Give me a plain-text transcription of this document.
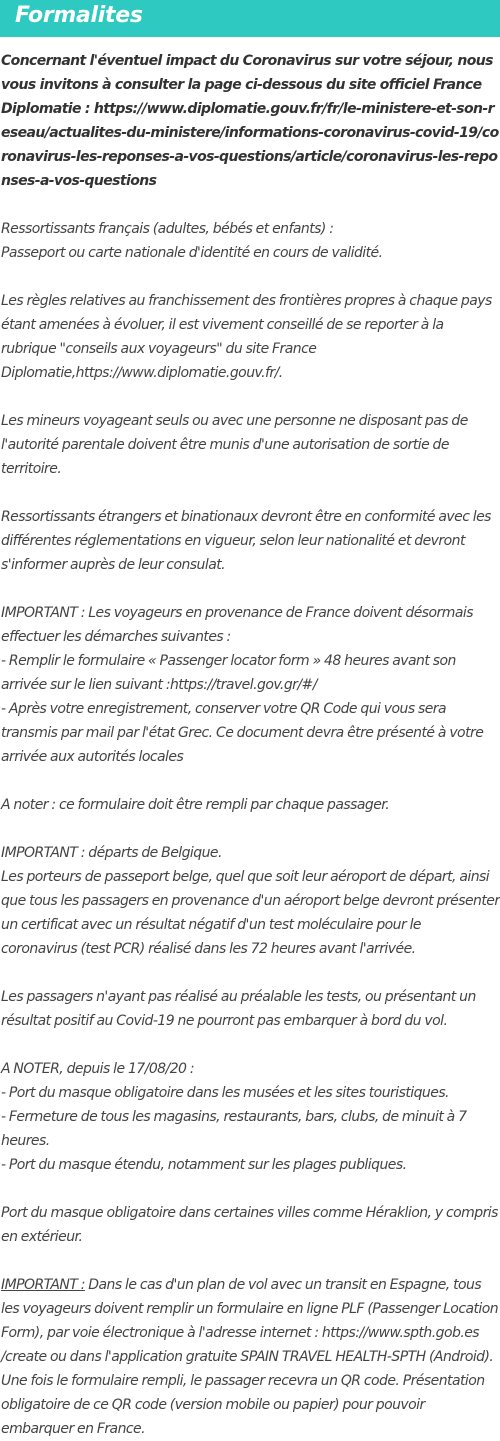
Formalites

Concernant l'éventuel impact du Coronavirus sur votre séjour, nous vous invitons à consulter la page ci-dessous du site officiel France Diplomatie : https://www.diplomatie.gouv.fr/fr/le-ministere-et-son-reseau/actualites-du-ministere/informations-coronavirus-covid-19/coronavirus-les-reponses-a-vos-questions/article/coronavirus-les-reponses-a-vos-questions

Ressortissants français (adultes, bébés et enfants) :
Passeport ou carte nationale d'identité en cours de validité.

Les règles relatives au franchissement des frontières propres à chaque pays étant amenées à évoluer, il est vivement conseillé de se reporter à la rubrique "conseils aux voyageurs" du site France Diplomatie,https://www.diplomatie.gouv.fr/.

Les mineurs voyageant seuls ou avec une personne ne disposant pas de l'autorité parentale doivent être munis d'une autorisation de sortie de territoire.

Ressortissants étrangers et binationaux devront être en conformité avec les différentes réglementations en vigueur, selon leur nationalité et devront s'informer auprès de leur consulat.

IMPORTANT : Les voyageurs en provenance de France doivent désormais effectuer les démarches suivantes :
- Remplir le formulaire « Passenger locator form » 48 heures avant son arrivée sur le lien suivant :https://travel.gov.gr/#/
- Après votre enregistrement, conserver votre QR Code qui vous sera transmis par mail par l'état Grec. Ce document devra être présenté à votre arrivée aux autorités locales

A noter : ce formulaire doit être rempli par chaque passager.

IMPORTANT : départs de Belgique.
Les porteurs de passeport belge, quel que soit leur aéroport de départ, ainsi que tous les passagers en provenance d'un aéroport belge devront présenter un certificat avec un résultat négatif d'un test moléculaire pour le coronavirus (test PCR) réalisé dans les 72 heures avant l'arrivée.

Les passagers n'ayant pas réalisé au préalable les tests, ou présentant un résultat positif au Covid-19 ne pourront pas embarquer à bord du vol.

A NOTER, depuis le 17/08/20 :
- Port du masque obligatoire dans les musées et les sites touristiques.
- Fermeture de tous les magasins, restaurants, bars, clubs, de minuit à 7 heures.
- Port du masque étendu, notamment sur les plages publiques.

Port du masque obligatoire dans certaines villes comme Héraklion, y compris en extérieur.

IMPORTANT : Dans le cas d'un plan de vol avec un transit en Espagne, tous les voyageurs doivent remplir un formulaire en ligne PLF (Passenger Location Form), par voie électronique à l'adresse internet : https://www.spth.gob.es /create ou dans l'application gratuite SPAIN TRAVEL HEALTH-SPTH (Android). Une fois le formulaire rempli, le passager recevra un QR code. Présentation obligatoire de ce QR code (version mobile ou papier) pour pouvoir embarquer en France.
